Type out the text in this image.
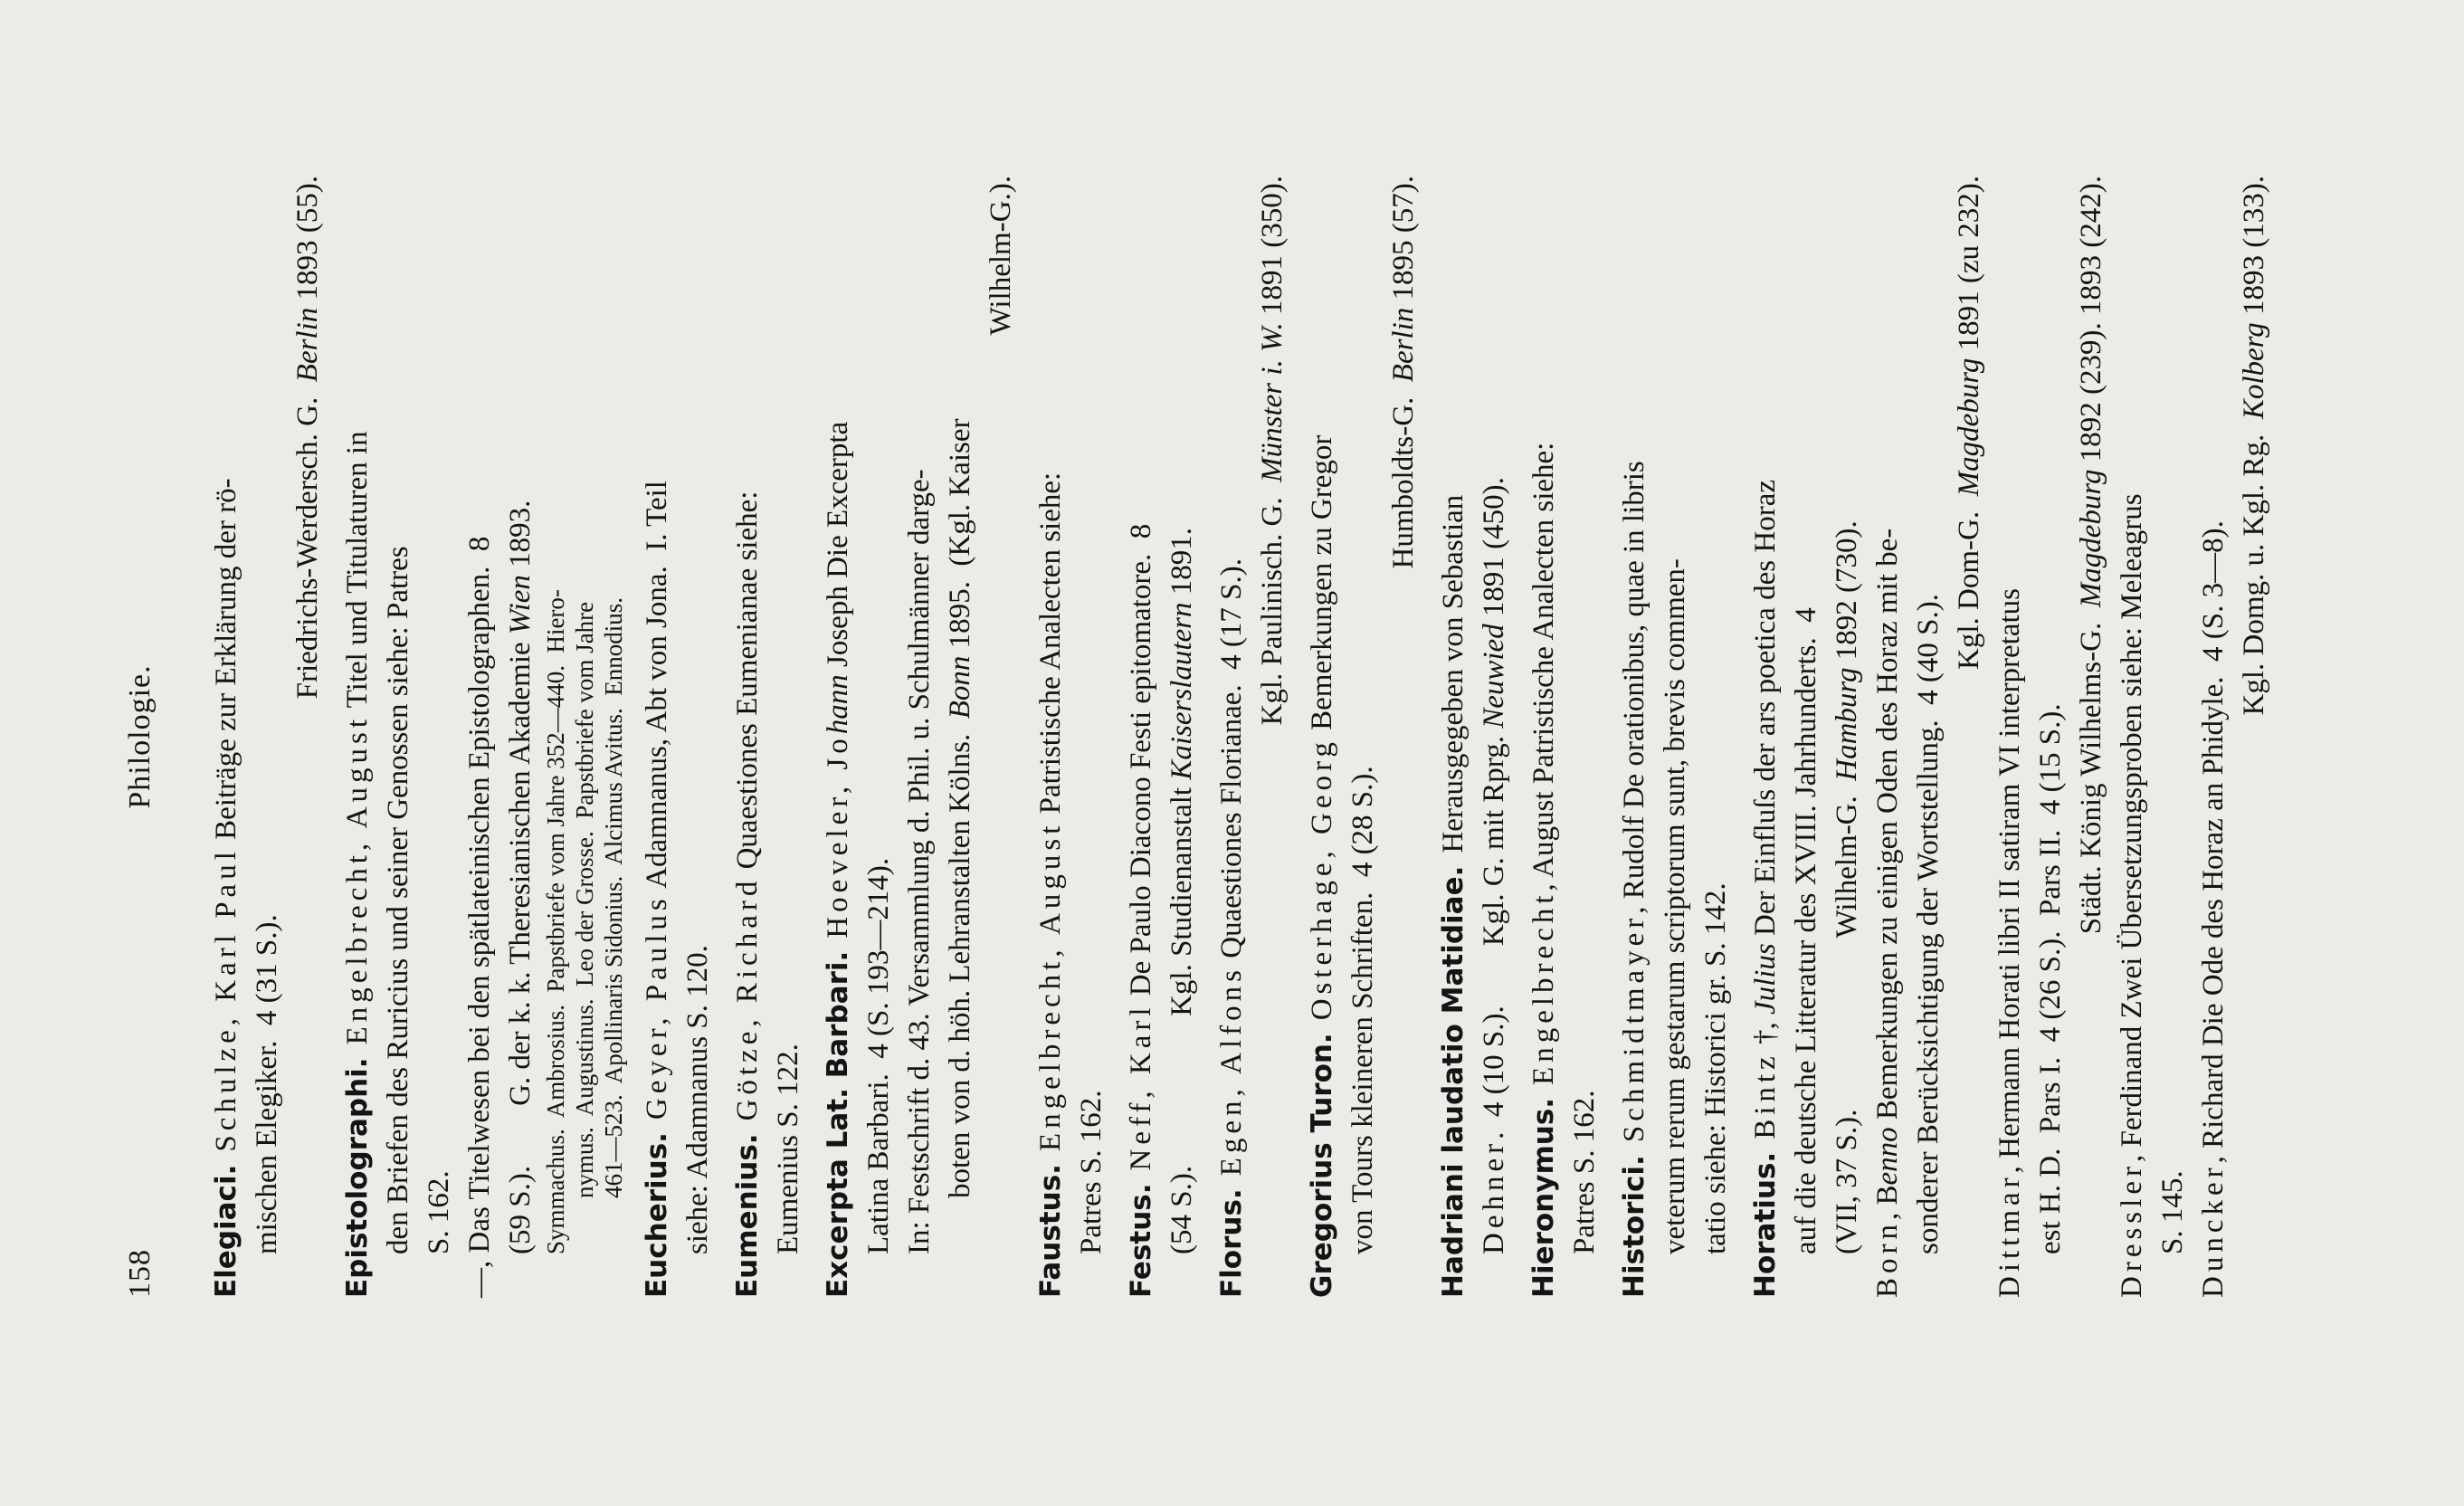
158
Philologie.
Elegiaci.Schulze, Karl Paul Beiträge zur Erklärung der rö-
mischen Elegiker.  4 (31 S.).
Friedrichs-Werdersch. G.  Berlin 1893 (55).
Epistolographi.Engelbrecht, August Titel und Titulaturen in den Briefen des Ruricius und seiner Genossen siehe: Patres S. 162. —, Das Titelwesen bei den spätlateinischen Epistolographen.  8 (59 S.).        G. der k. k. Theresianischen Akademie Wien 1893.
Symmachus.  Ambrosius.  Papstbriefe vom Jahre 352—440.  Hiero- nymus.  Augustinus.  Leo der Grosse.  Papstbriefe vom Jahre 461—523.  Apollinaris Sidonius.  Alcimus Avitus.  Ennodius.
Eucherius.Geyer, Paulus Adamnanus, Abt von Jona.  I. Teil
siehe: Adamnanus S. 120. Eumenius.Götze, Richard Quaestiones Eumenianae siehe:
Eumenius S. 122. Excerpta Lat. Barbari.Hoeveler, Johann Joseph Die Excerpta
Latina Barbari.  4 (S. 193—214). In: Festschrift d. 43. Versammlung d. Phil. u. Schulmänner darge- boten von d. höh. Lehranstalten Kölns.  Bonn 1895.  (Kgl. Kaiser
Wilhelm-G.).
Faustus.Engelbrecht, August Patristische Analecten siehe:
Patres S. 162. Festus.Neff, Karl De Paulo Diacono Festi epitomatore.  8
(54 S.).                    Kgl. Studienanstalt Kaiserslautern 1891.
Florus.Egen, Alfons Quaestiones Florianae.  4 (17 S.). Kgl. Paulinisch. G.  Münster i. W. 1891 (350).
Gregorius Turon.Osterhage, Georg Bemerkungen zu Gregor
von Tours kleineren Schriften.  4 (28 S.).
Humboldts-G.  Berlin 1895 (57).
Hadriani laudatio Matidiae.Herausgegeben von Sebastian
Dehner.  4 (10 S.).        Kgl. G. mit Rprg. Neuwied 1891 (450).
Hieronymus.Engelbrecht, August Patristische Analecten siehe:
Patres S. 162. Historici.Schmidtmayer, Rudolf De orationibus, quae in libris veterum rerum gestarum scriptorum sunt, brevis commen- tatio siehe: Historici gr. S. 142. Horatius.Bintz †, Julius Der Einfluſs der ars poetica des Horaz auf die deutsche Litteratur des XVIII. Jahrhunderts.  4 (VII, 37 S.).                       Wilhelm-G.  Hamburg 1892 (730).
Born, Benno Bemerkungen zu einigen Oden des Horaz mit be- sonderer Berücksichtigung der Wortstellung.  4 (40 S.).
Kgl. Dom-G.  Magdeburg 1891 (zu 232).
Dittmar, Hermann Horati libri II satiram VI interpretatus est H. D.  Pars I.  4 (26 S.).  Pars II.  4 (15 S.). Städt. König Wilhelms-G.  Magdeburg 1892 (239). 1893 (242).
Dressler, Ferdinand Zwei Übersetzungsproben siehe: Meleagrus
S. 145. Duncker, Richard Die Ode des Horaz an Phidyle.  4 (S. 3—8). Kgl. Domg. u. Kgl. Rg.  Kolberg 1893 (133).
